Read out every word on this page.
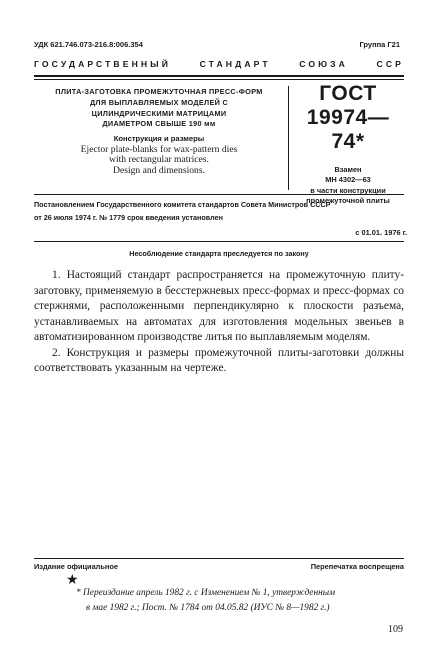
УДК 621.746.073-216.8:006.354	Группа Г21
ГОСУДАРСТВЕННЫЙ СТАНДАРТ СОЮЗА ССР
ПЛИТА-ЗАГОТОВКА ПРОМЕЖУТОЧНАЯ ПРЕСС-ФОРМ
ДЛЯ ВЫПЛАВЛЯЕМЫХ МОДЕЛЕЙ С
ЦИЛИНДРИЧЕСКИМИ МАТРИЦАМИ
ДИАМЕТРОМ СВЫШЕ 190 мм
Конструкция и размеры
Ejector plate-blanks for wax-pattern dies
with rectangular matrices.
Design and dimensions.
ГОСТ
19974—74*
Взамен
МН 4302—63
в части конструкции
промежуточной плиты
Постановлением Государственного комитета стандартов Совета Министров СССР
от 26 июля 1974 г. № 1779 срок введения установлен
с 01.01. 1976 г.
Несоблюдение стандарта преследуется по закону

1. Настоящий стандарт распространяется на промежуточную плиту-заготовку, применяемую в бесстержневых пресс-формах и пресс-формах со стержнями, расположенными перпендикулярно к плоскости разъема, устанавливаемых на автоматах для изготовления модельных звеньев в автоматизированном производстве литья по выплавляемым моделям.

2. Конструкция и размеры промежуточной плиты-заготовки должны соответствовать указанным на чертеже.

Издание официальное	Перепечатка воспрещена
★
* Переиздание апрель 1982 г. с Изменением № 1, утвержденным
в мае 1982 г.; Пост. № 1784 от 04.05.82 (ИУС № 8—1982 г.)
109
